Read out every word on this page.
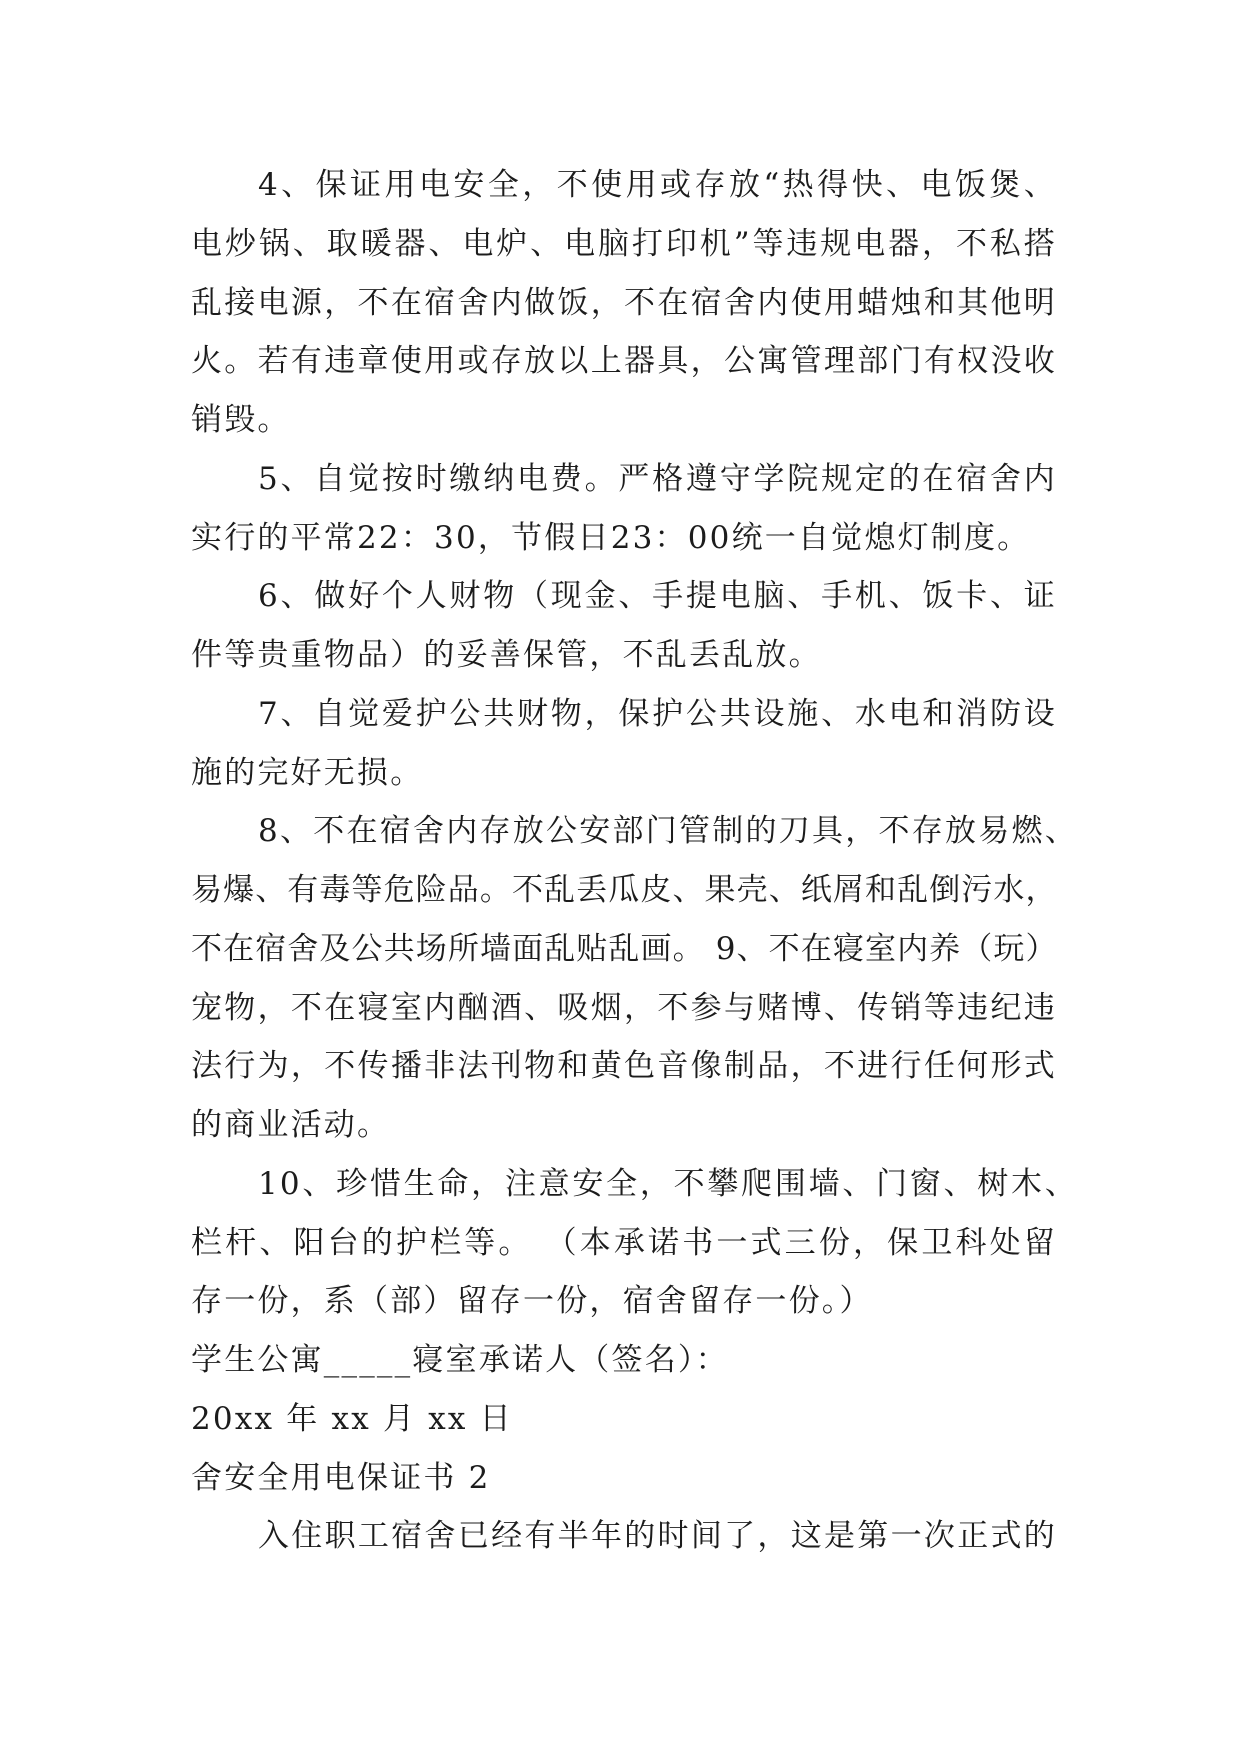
4、保证用电安全，不使用或存放“热得快、电饭煲、
电炒锅、取暖器、电炉、电脑打印机”等违规电器，不私搭
乱接电源，不在宿舍内做饭，不在宿舍内使用蜡烛和其他明
火。若有违章使用或存放以上器具，公寓管理部门有权没收
销毁。
5、自觉按时缴纳电费。严格遵守学院规定的在宿舍内
实行的平常22：30，节假日23：00统一自觉熄灯制度。
6、做好个人财物（现金、手提电脑、手机、饭卡、证
件等贵重物品）的妥善保管，不乱丢乱放。
7、自觉爱护公共财物，保护公共设施、水电和消防设
施的完好无损。
8、不在宿舍内存放公安部门管制的刀具，不存放易燃、
易爆、有毒等危险品。不乱丢瓜皮、果壳、纸屑和乱倒污水，
不在宿舍及公共场所墙面乱贴乱画。 9、不在寝室内养（玩）
宠物，不在寝室内酗酒、吸烟，不参与赌博、传销等违纪违
法行为，不传播非法刊物和黄色音像制品，不进行任何形式
的商业活动。
10、珍惜生命，注意安全，不攀爬围墙、门窗、树木、
栏杆、阳台的护栏等。 （本承诺书一式三份，保卫科处留
存一份，系（部）留存一份，宿舍留存一份。）
学生公寓_____寝室承诺人（签名）：
20xx 年 xx 月 xx 日
舍安全用电保证书 2
入住职工宿舍已经有半年的时间了，这是第一次正式的
